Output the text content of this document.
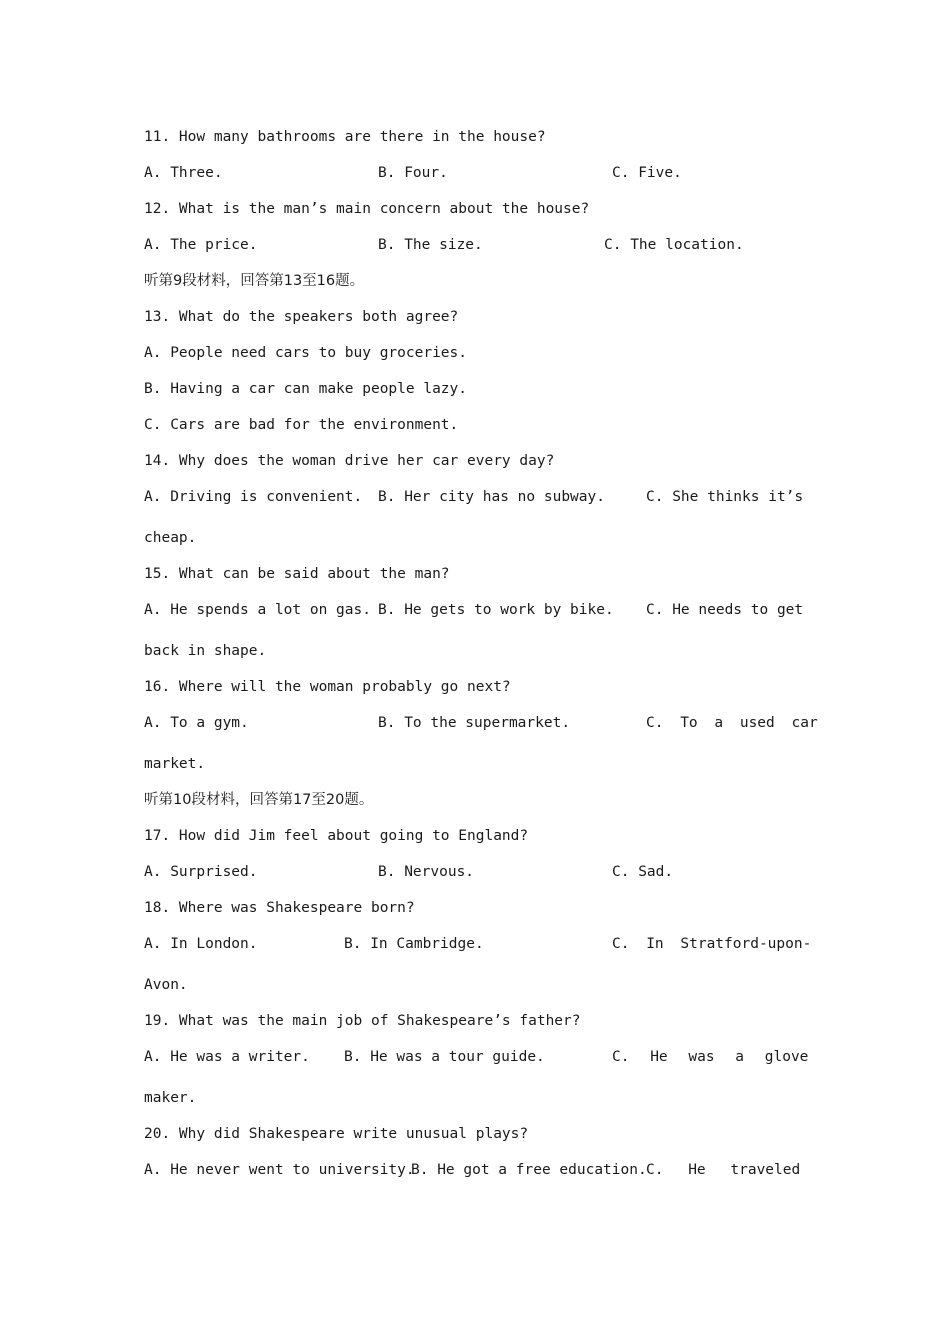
11. How many bathrooms are there in the house?
A. Three.	B. Four.	C. Five.
12. What is the man’s main concern about the house?
A. The price.	B. The size.	C. The location.
听第9段材料，回答第13至16题。
13. What do the speakers both agree?
A. People need cars to buy groceries.
B. Having a car can make people lazy.
C. Cars are bad for the environment.
14. Why does the woman drive her car every day?
A. Driving is convenient. B. Her city has no subway.	C. She thinks it’s
cheap.
15. What can be said about the man?
A. He spends a lot on gas. B. He gets to work by bike. C. He needs to get
back in shape.
16. Where will the woman probably go next?
A. To a gym.	B. To the supermarket.	C. To a used car
market.
听第10段材料，回答第17至20题。
17. How did Jim feel about going to England?
A. Surprised.	B. Nervous.	C. Sad.
18. Where was Shakespeare born?
A. In London.	B. In Cambridge.	C. In Stratford-upon-
Avon.
19. What was the main job of Shakespeare’s father?
A. He was a writer. B. He was a tour guide.	C. He was a glove
maker.
20. Why did Shakespeare write unusual plays?
A. He never went to university.
B. He got a free education. C. He traveled
